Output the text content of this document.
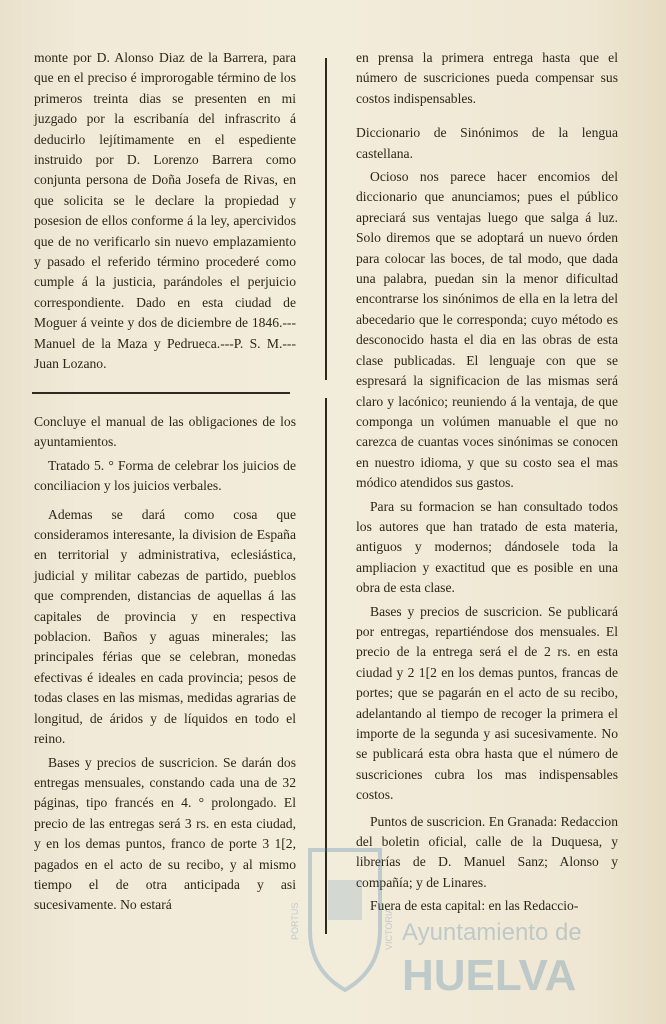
monte por D. Alonso Diaz de la Barrera, para que en el preciso é improrogable término de los primeros treinta dias se presenten en mi juzgado por la escribanía del infrascrito á deducirlo lejítimamente en el espediente instruido por D. Lorenzo Barrera como conjunta persona de Doña Josefa de Rivas, en que solicita se le declare la propiedad y posesion de ellos conforme á la ley, apercividos que de no verificarlo sin nuevo emplazamiento y pasado el referido término procederé como cumple á la justicia, parándoles el perjuicio correspondiente. Dado en esta ciudad de Moguer á veinte y dos de diciembre de 1846.---Manuel de la Maza y Pedrueca.---P. S. M.--- Juan Lozano.

Concluye el manual de las obligaciones de los ayuntamientos.

Tratado 5. ° Forma de celebrar los juicios de conciliacion y los juicios verbales.

Ademas se dará como cosa que consideramos interesante, la division de España en territorial y administrativa, eclesiástica, judicial y militar cabezas de partido, pueblos que comprenden, distancias de aquellas á las capitales de provincia y en respectiva poblacion. Baños y aguas minerales; las principales férias que se celebran, monedas efectivas é ideales en cada provincia; pesos de todas clases en las mismas, medidas agrarias de longitud, de áridos y de líquidos en todo el reino.

Bases y precios de suscricion. Se darán dos entregas mensuales, constando cada una de 32 páginas, tipo francés en 4. ° prolongado. El precio de las entregas será 3 rs. en esta ciudad, y en los demas puntos, franco de porte 3 1[2, pagados en el acto de su recibo, y al mismo tiempo el de otra anticipada y asi sucesivamente. No estará

en prensa la primera entrega hasta que el número de suscriciones pueda compensar sus costos indispensables.

Diccionario de Sinónimos de la lengua castellana.

Ocioso nos parece hacer encomios del diccionario que anunciamos; pues el público apreciará sus ventajas luego que salga á luz. Solo diremos que se adoptará un nuevo órden para colocar las boces, de tal modo, que dada una palabra, puedan sin la menor dificultad encontrarse los sinónimos de ella en la letra del abecedario que le corresponda; cuyo método es desconocido hasta el dia en las obras de esta clase publicadas. El lenguaje con que se espresará la significacion de las mismas será claro y lacónico; reuniendo á la ventaja, de que componga un volúmen manuable el que no carezca de cuantas voces sinónimas se conocen en nuestro idioma, y que su costo sea el mas módico atendidos sus gastos.

Para su formacion se han consultado todos los autores que han tratado de esta materia, antiguos y modernos; dándosele toda la ampliacion y exactitud que es posible en una obra de esta clase.

Bases y precios de suscricion. Se publicará por entregas, repartiéndose dos mensuales. El precio de la entrega será el de 2 rs. en esta ciudad y 2 1[2 en los demas puntos, francas de portes; que se pagarán en el acto de su recibo, adelantando al tiempo de recoger la primera el importe de la segunda y asi sucesivamente. No se publicará esta obra hasta que el número de suscriciones cubra los mas indispensables costos.

Puntos de suscricion. En Granada: Redaccion del boletin oficial, calle de la Duquesa, y librerías de D. Manuel Sanz; Alonso y compañía; y de Linares.

Fuera de esta capital: en las Redaccio-

PORTUS	VICTORIA Ayuntamiento de
HUELVA
